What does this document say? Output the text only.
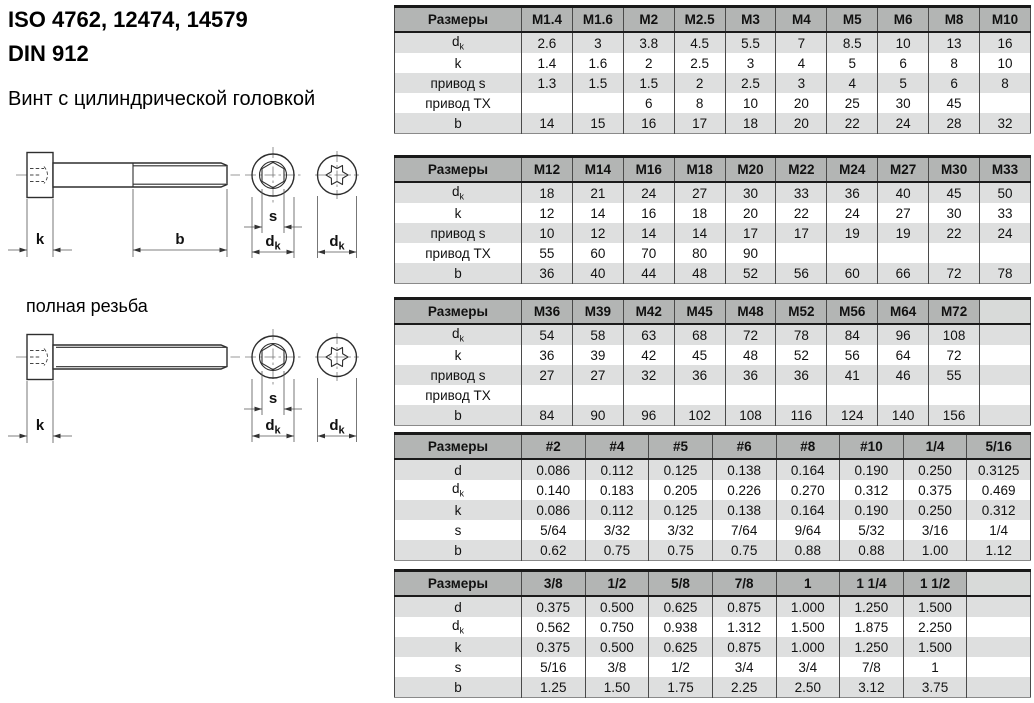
ISO 4762, 12474, 14579
DIN 912
Винт с цилиндрической головкой
полная резьба
k	b
s
$d_k$	$d_k$
k
s
$d_k$	$d_k$
Размеры	M1.4	M1.6	M2	M2.5	M3	M4	M5	M6	M8	M10
$d_k$	2.6	3	3.8	4.5	5.5	7	8.5	10	13	16
k	1.4	1.6	2	2.5	3	4	5	6	8	10
привод s	1.3	1.5	1.5	2	2.5	3	4	5	6	8
привод TX			6	8	10	20	25	30	45	
b	14	15	16	17	18	20	22	24	28	32
Размеры	M12	M14	M16	M18	M20	M22	M24	M27	M30	M33
$d_k$	18	21	24	27	30	33	36	40	45	50
k	12	14	16	18	20	22	24	27	30	33
привод s	10	12	14	14	17	17	19	19	22	24
привод TX	55	60	70	80	90					
b	36	40	44	48	52	56	60	66	72	78
Размеры	M36	M39	M42	M45	M48	M52	M56	M64	M72	
$d_k$	54	58	63	68	72	78	84	96	108	
k	36	39	42	45	48	52	56	64	72	
привод s	27	27	32	36	36	36	41	46	55	
привод TX										
b	84	90	96	102	108	116	124	140	156	
Размеры	#2	#4	#5	#6	#8	#10	1/4	5/16
d	0.086	0.112	0.125	0.138	0.164	0.190	0.250	0.3125
$d_k$	0.140	0.183	0.205	0.226	0.270	0.312	0.375	0.469
k	0.086	0.112	0.125	0.138	0.164	0.190	0.250	0.312
s	5/64	3/32	3/32	7/64	9/64	5/32	3/16	1/4
b	0.62	0.75	0.75	0.75	0.88	0.88	1.00	1.12
Размеры	3/8	1/2	5/8	7/8	1	1 1/4	1 1/2	
d	0.375	0.500	0.625	0.875	1.000	1.250	1.500	
$d_k$	0.562	0.750	0.938	1.312	1.500	1.875	2.250	
k	0.375	0.500	0.625	0.875	1.000	1.250	1.500	
s	5/16	3/8	1/2	3/4	3/4	7/8	1	
b	1.25	1.50	1.75	2.25	2.50	3.12	3.75	
